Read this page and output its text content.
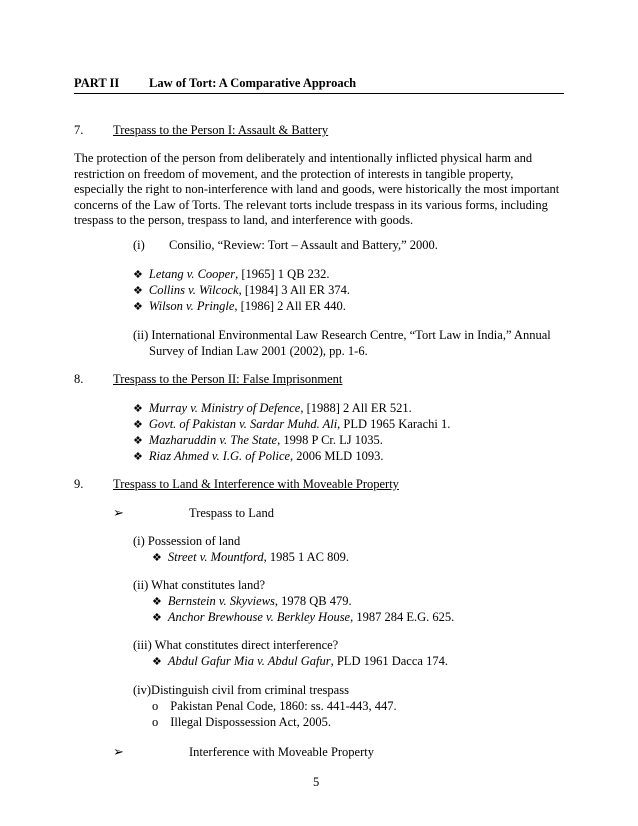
PART II Law of Tort: A Comparative Approach
7. Trespass to the Person I: Assault & Battery
The protection of the person from deliberately and intentionally inflicted physical harm and
restriction on freedom of movement, and the protection of interests in tangible property,
especially the right to non-interference with land and goods, were historically the most important
concerns of the Law of Torts. The relevant torts include trespass in its various forms, including
trespass to the person, trespass to land, and interference with goods.
(i) Consilio, “Review: Tort – Assault and Battery,” 2000.
❖ Letang v. Cooper, [1965] 1 QB 232.
❖ Collins v. Wilcock, [1984] 3 All ER 374.
❖ Wilson v. Pringle, [1986] 2 All ER 440.
(ii) International Environmental Law Research Centre, “Tort Law in India,” Annual
Survey of Indian Law 2001 (2002), pp. 1-6.
8. Trespass to the Person II: False Imprisonment
❖ Murray v. Ministry of Defence, [1988] 2 All ER 521.
❖ Govt. of Pakistan v. Sardar Muhd. Ali, PLD 1965 Karachi 1.
❖ Mazharuddin v. The State, 1998 P Cr. LJ 1035.
❖ Riaz Ahmed v. I.G. of Police, 2006 MLD 1093.
9. Trespass to Land & Interference with Moveable Property
➢	Trespass to Land
(i) Possession of land
❖ Street v. Mountford, 1985 1 AC 809.
(ii) What constitutes land?
❖ Bernstein v. Skyviews, 1978 QB 479.
❖ Anchor Brewhouse v. Berkley House, 1987 284 E.G. 625.
(iii) What constitutes direct interference?
❖ Abdul Gafur Mia v. Abdul Gafur, PLD 1961 Dacca 174.
(iv)Distinguish civil from criminal trespass
o Pakistan Penal Code, 1860: ss. 441-443, 447.
o Illegal Dispossession Act, 2005.
➢	Interference with Moveable Property
5
